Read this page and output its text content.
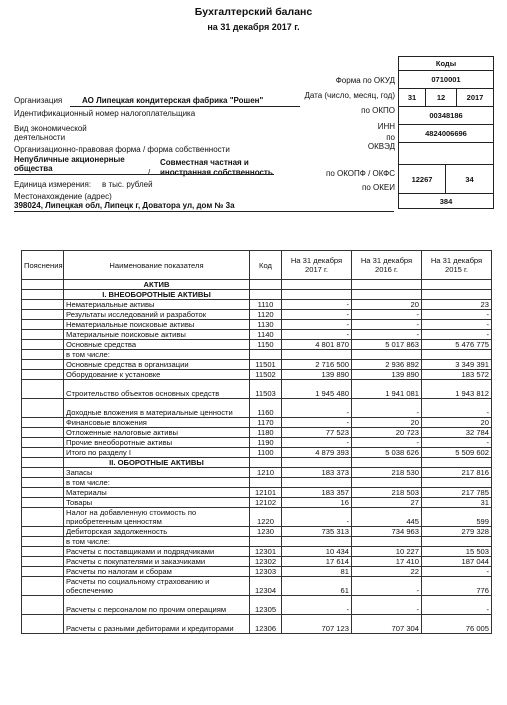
Бухгалтерский баланс
на 31 декабря 2017 г.
Коды
0710001
31	12	2017
00348186
4824006696
12267	34
384
Форма по ОКУД
Дата (число, месяц, год)
по ОКПО
ИНН
по
ОКВЭД
по ОКОПФ / ОКФС
по ОКЕИ
Организация АО Липецкая кондитерская фабрика "Рошен"
Идентификационный номер налогоплательщика
Вид экономической
деятельности
Организационно-правовая форма / форма собственности
Непубличные акционерные
общества
Совместная частная и
/ иностранная собственность
Единица измерения: в тыс. рублей
Местонахождение (адрес)
398024, Липецкая обл, Липецк г, Доватора ул, дом № 3а
Пояснения	Наименование показателя	Код	На 31 декабря 2017 г.	На 31 декабря 2016 г.	На 31 декабря 2015 г.
	АКТИВ				
	I. ВНЕОБОРОТНЫЕ АКТИВЫ				
	Нематериальные активы	1110	-	20	23
	Результаты исследований и разработок	1120	-	-	-
	Нематериальные поисковые активы	1130	-	-	-
	Материальные поисковые активы	1140	-	-	-
	Основные средства	1150	4 801 870	5 017 863	5 476 775
	в том числе:				
	Основные средства в организации	11501	2 716 500	2 936 892	3 349 391
	Оборудование к установке	11502	139 890	139 890	183 572
	Строительство объектов основных средств	11503	1 945 480	1 941 081	1 943 812
	Доходные вложения в материальные ценности	1160	-	-	-
	Финансовые вложения	1170	-	20	20
	Отложенные налоговые активы	1180	77 523	20 723	32 784
	Прочие внеоборотные активы	1190	-	-	-
	Итого по разделу I	1100	4 879 393	5 038 626	5 509 602
	II. ОБОРОТНЫЕ АКТИВЫ				
	Запасы	1210	183 373	218 530	217 816
	в том числе:				
	Материалы	12101	183 357	218 503	217 785
	Товары	12102	16	27	31
	Налог на добавленную стоимость по приобретенным ценностям	1220	-	445	599
	Дебиторская задолженность	1230	735 313	734 963	279 328
	в том числе:				
	Расчеты с поставщиками и подрядчиками	12301	10 434	10 227	15 503
	Расчеты с покупателями и заказчиками	12302	17 614	17 410	187 044
	Расчеты по налогам и сборам	12303	81	22	-
	Расчеты по социальному страхованию и обеспечению	12304	61	-	776
	Расчеты с персоналом по прочим операциям	12305	-	-	-
	Расчеты с разными дебиторами и кредиторами	12306	707 123	707 304	76 005
